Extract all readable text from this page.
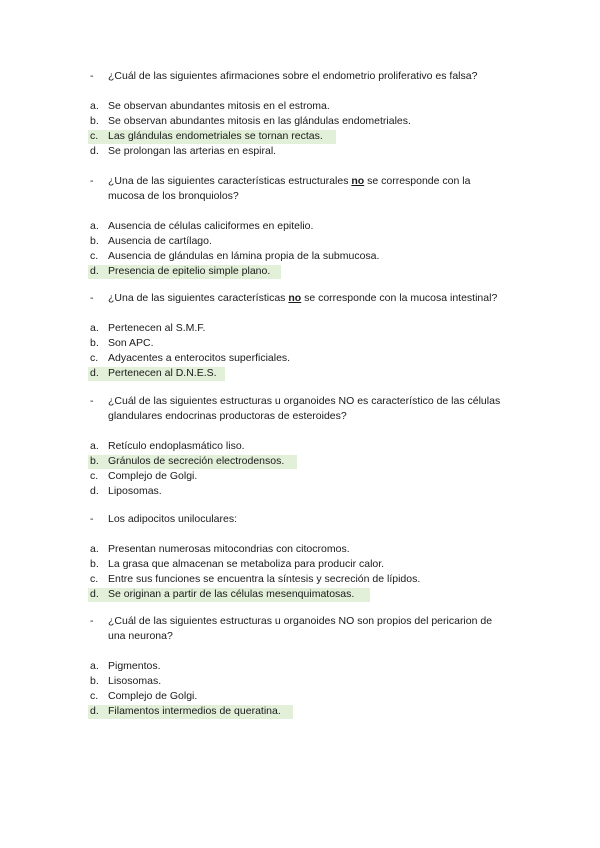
- ¿Cuál de las siguientes afirmaciones sobre el endometrio proliferativo es falsa?
a. Se observan abundantes mitosis en el estroma.
b. Se observan abundantes mitosis en las glándulas endometriales.
c. Las glándulas endometriales se tornan rectas.
d. Se prolongan las arterias en espiral.
- ¿Una de las siguientes características estructurales no se corresponde con la
mucosa de los bronquiolos?
a. Ausencia de células caliciformes en epitelio.
b. Ausencia de cartílago.
c. Ausencia de glándulas en lámina propia de la submucosa.
d. Presencia de epitelio simple plano.
- ¿Una de las siguientes características no se corresponde con la mucosa intestinal?
a. Pertenecen al S.M.F.
b. Son APC.
c. Adyacentes a enterocitos superficiales.
d. Pertenecen al D.N.E.S.
- ¿Cuál de las siguientes estructuras u organoides NO es característico de las células
glandulares endocrinas productoras de esteroides?
a. Retículo endoplasmático liso.
b. Gránulos de secreción electrodensos.
c. Complejo de Golgi.
d. Liposomas.
- Los adipocitos uniloculares:
a. Presentan numerosas mitocondrias con citocromos.
b. La grasa que almacenan se metaboliza para producir calor.
c. Entre sus funciones se encuentra la síntesis y secreción de lípidos.
d. Se originan a partir de las células mesenquimatosas.
- ¿Cuál de las siguientes estructuras u organoides NO son propios del pericarion de
una neurona?
a. Pigmentos.
b. Lisosomas.
c. Complejo de Golgi.
d. Filamentos intermedios de queratina.
